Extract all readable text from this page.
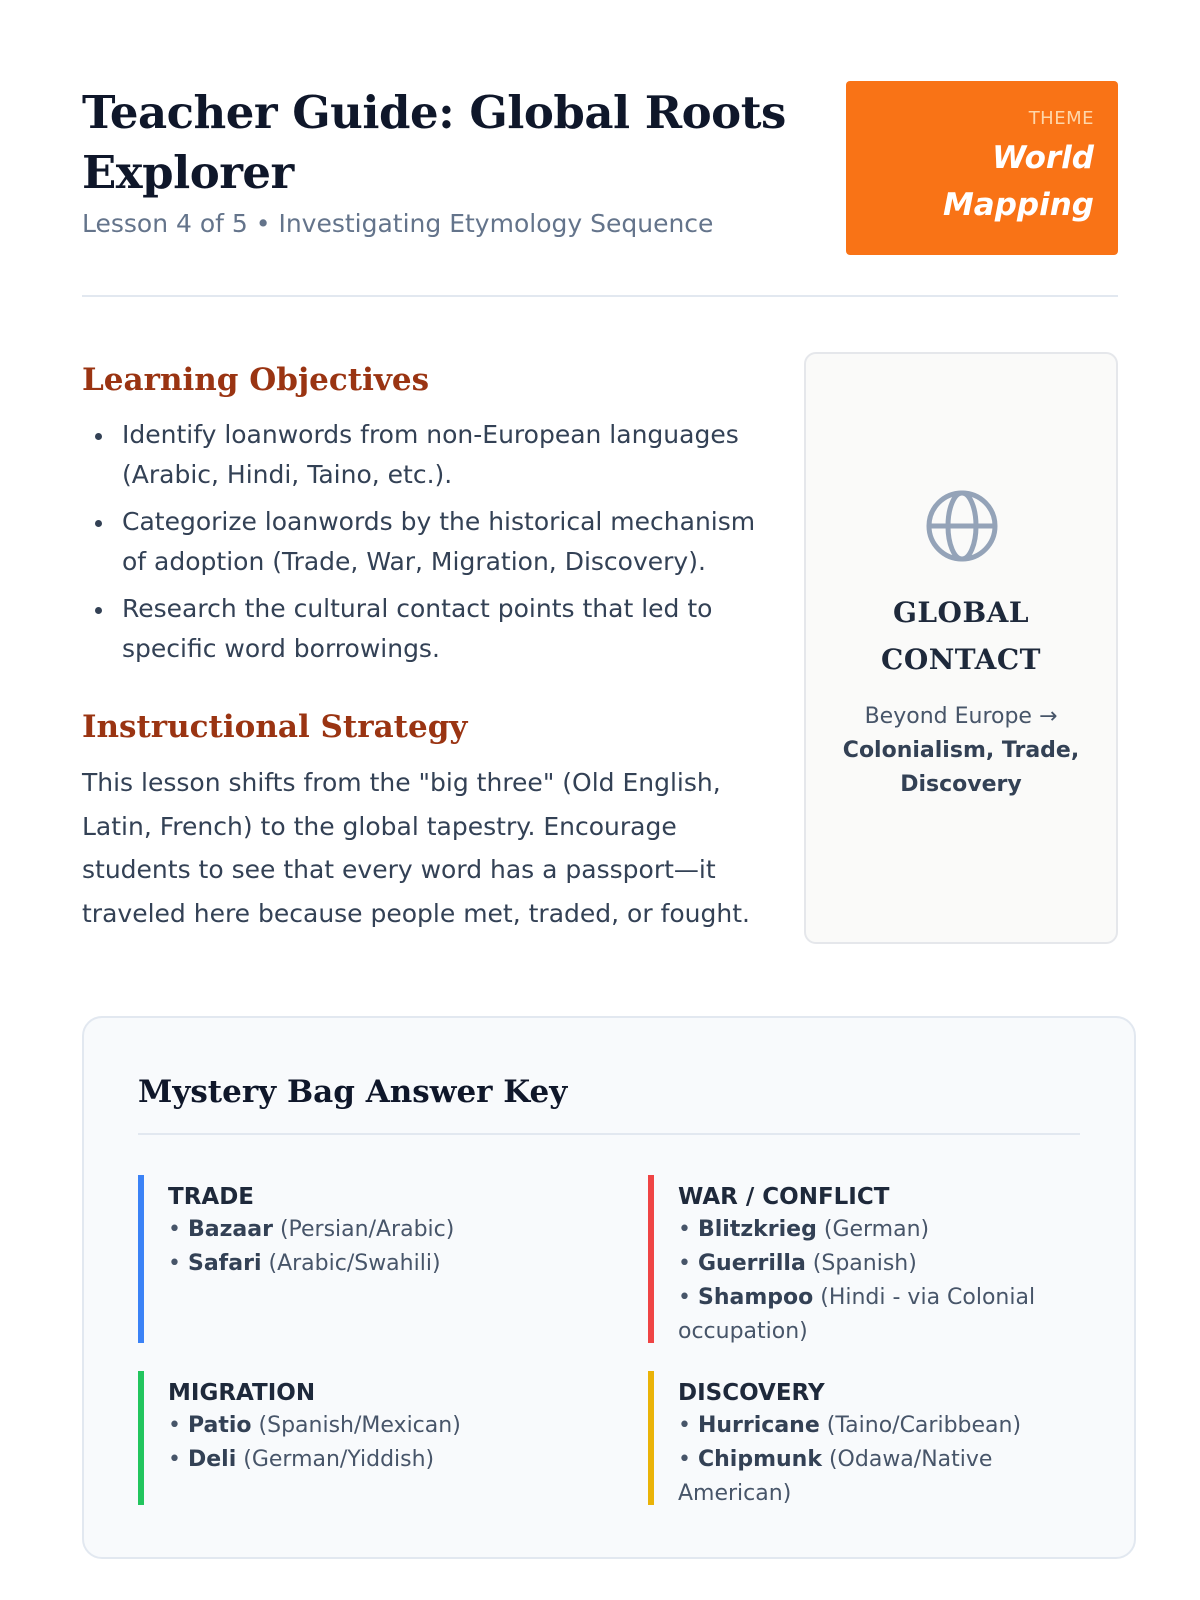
Teacher Guide: Global Roots Explorer
Lesson 4 of 5 • Investigating Etymology Sequence
THEME
World
Mapping
Learning Objectives
Identify loanwords from non-European languages (Arabic, Hindi, Taino, etc.).
Categorize loanwords by the historical mechanism of adoption (Trade, War, Migration, Discovery).
Research the cultural contact points that led to specific word borrowings.
Instructional Strategy

This lesson shifts from the "big three" (Old English, Latin, French) to the global tapestry. Encourage students to see that every word has a passport—it traveled here because people met, traded, or fought.

GLOBAL
CONTACT
Beyond Europe →
Colonialism, Trade, Discovery
Mystery Bag Answer Key
TRADE
• Bazaar (Persian/Arabic)
• Safari (Arabic/Swahili)
WAR / CONFLICT
• Blitzkrieg (German)
• Guerrilla (Spanish)
• Shampoo (Hindi - via Colonial occupation)
MIGRATION
• Patio (Spanish/Mexican)
• Deli (German/Yiddish)
DISCOVERY
• Hurricane (Taino/Caribbean)
• Chipmunk (Odawa/Native American)
